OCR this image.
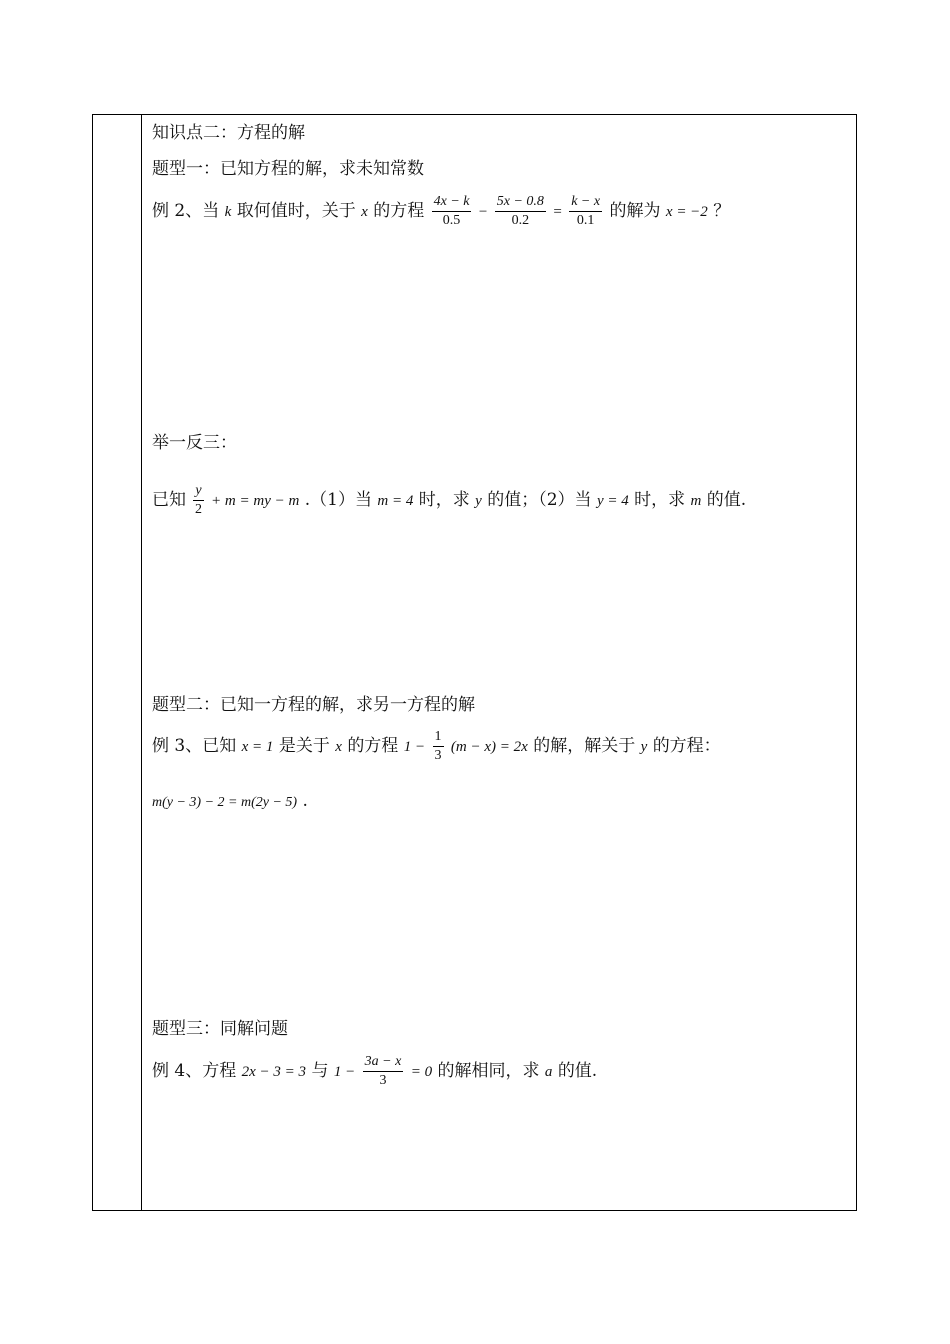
知识点二：方程的解
题型一：已知方程的解，求未知常数
例 2、当 k 取何值时，关于 x 的方程 $\frac{4x - k}{0.5} - \frac{5x - 0.8}{0.2} = \frac{k - x}{0.1}$ 的解为 x = −2 ？
举一反三：
已知 $\frac{y}{2} + m$ = my − m .（1）当 m = 4 时，求 y 的值；（2）当 y = 4 时，求 m 的值.
题型二：已知一方程的解，求另一方程的解
例 3、已知 x = 1 是关于 x 的方程 $1 - \frac{1}{3} (m - x) = 2x$ 的解，解关于 y 的方程：
m(y − 3) − 2 = m(2y − 5) .
题型三：同解问题
例 4、方程 2x − 3 = 3 与 $1 - \frac{3a - x}{3} = 0$ 的解相同，求 a 的值.
